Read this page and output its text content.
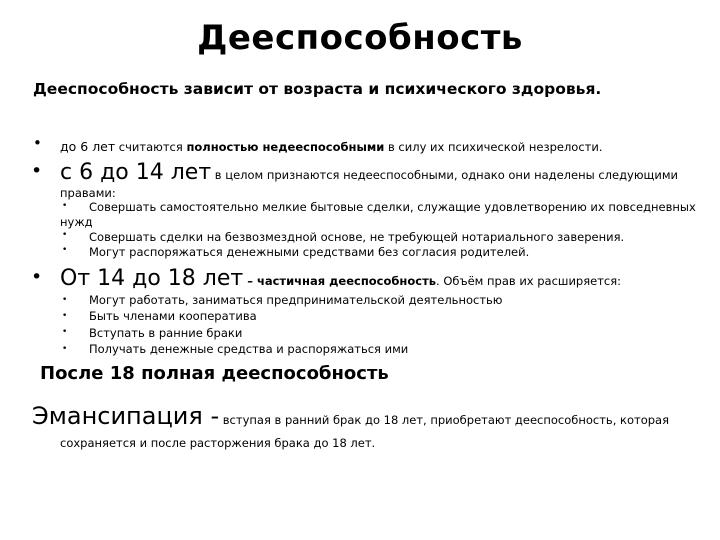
Дееспособность
Дееспособность зависит от возраста и психического здоровья.
• до 6 лет считаются полностью недееспособными в силу их психической незрелости.
• с 6 до 14 лет в целом признаются недееспособными, однако они наделены следующими
правами:
• Совершать самостоятельно мелкие бытовые сделки, служащие удовлетворению их повседневных
нужд
• Совершать сделки на безвозмездной основе, не требующей нотариального заверения.
• Могут распоряжаться денежными средствами без согласия родителей.
• От 14 до 18 лет – частичная дееспособность. Объём прав их расширяется:
• Могут работать, заниматься предпринимательской деятельностью
• Быть членами кооператива
• Вступать в ранние браки
• Получать денежные средства и распоряжаться ими
После 18 полная дееспособность
Эмансипация - вступая в ранний брак до 18 лет, приобретают дееспособность, которая
сохраняется и после расторжения брака до 18 лет.
